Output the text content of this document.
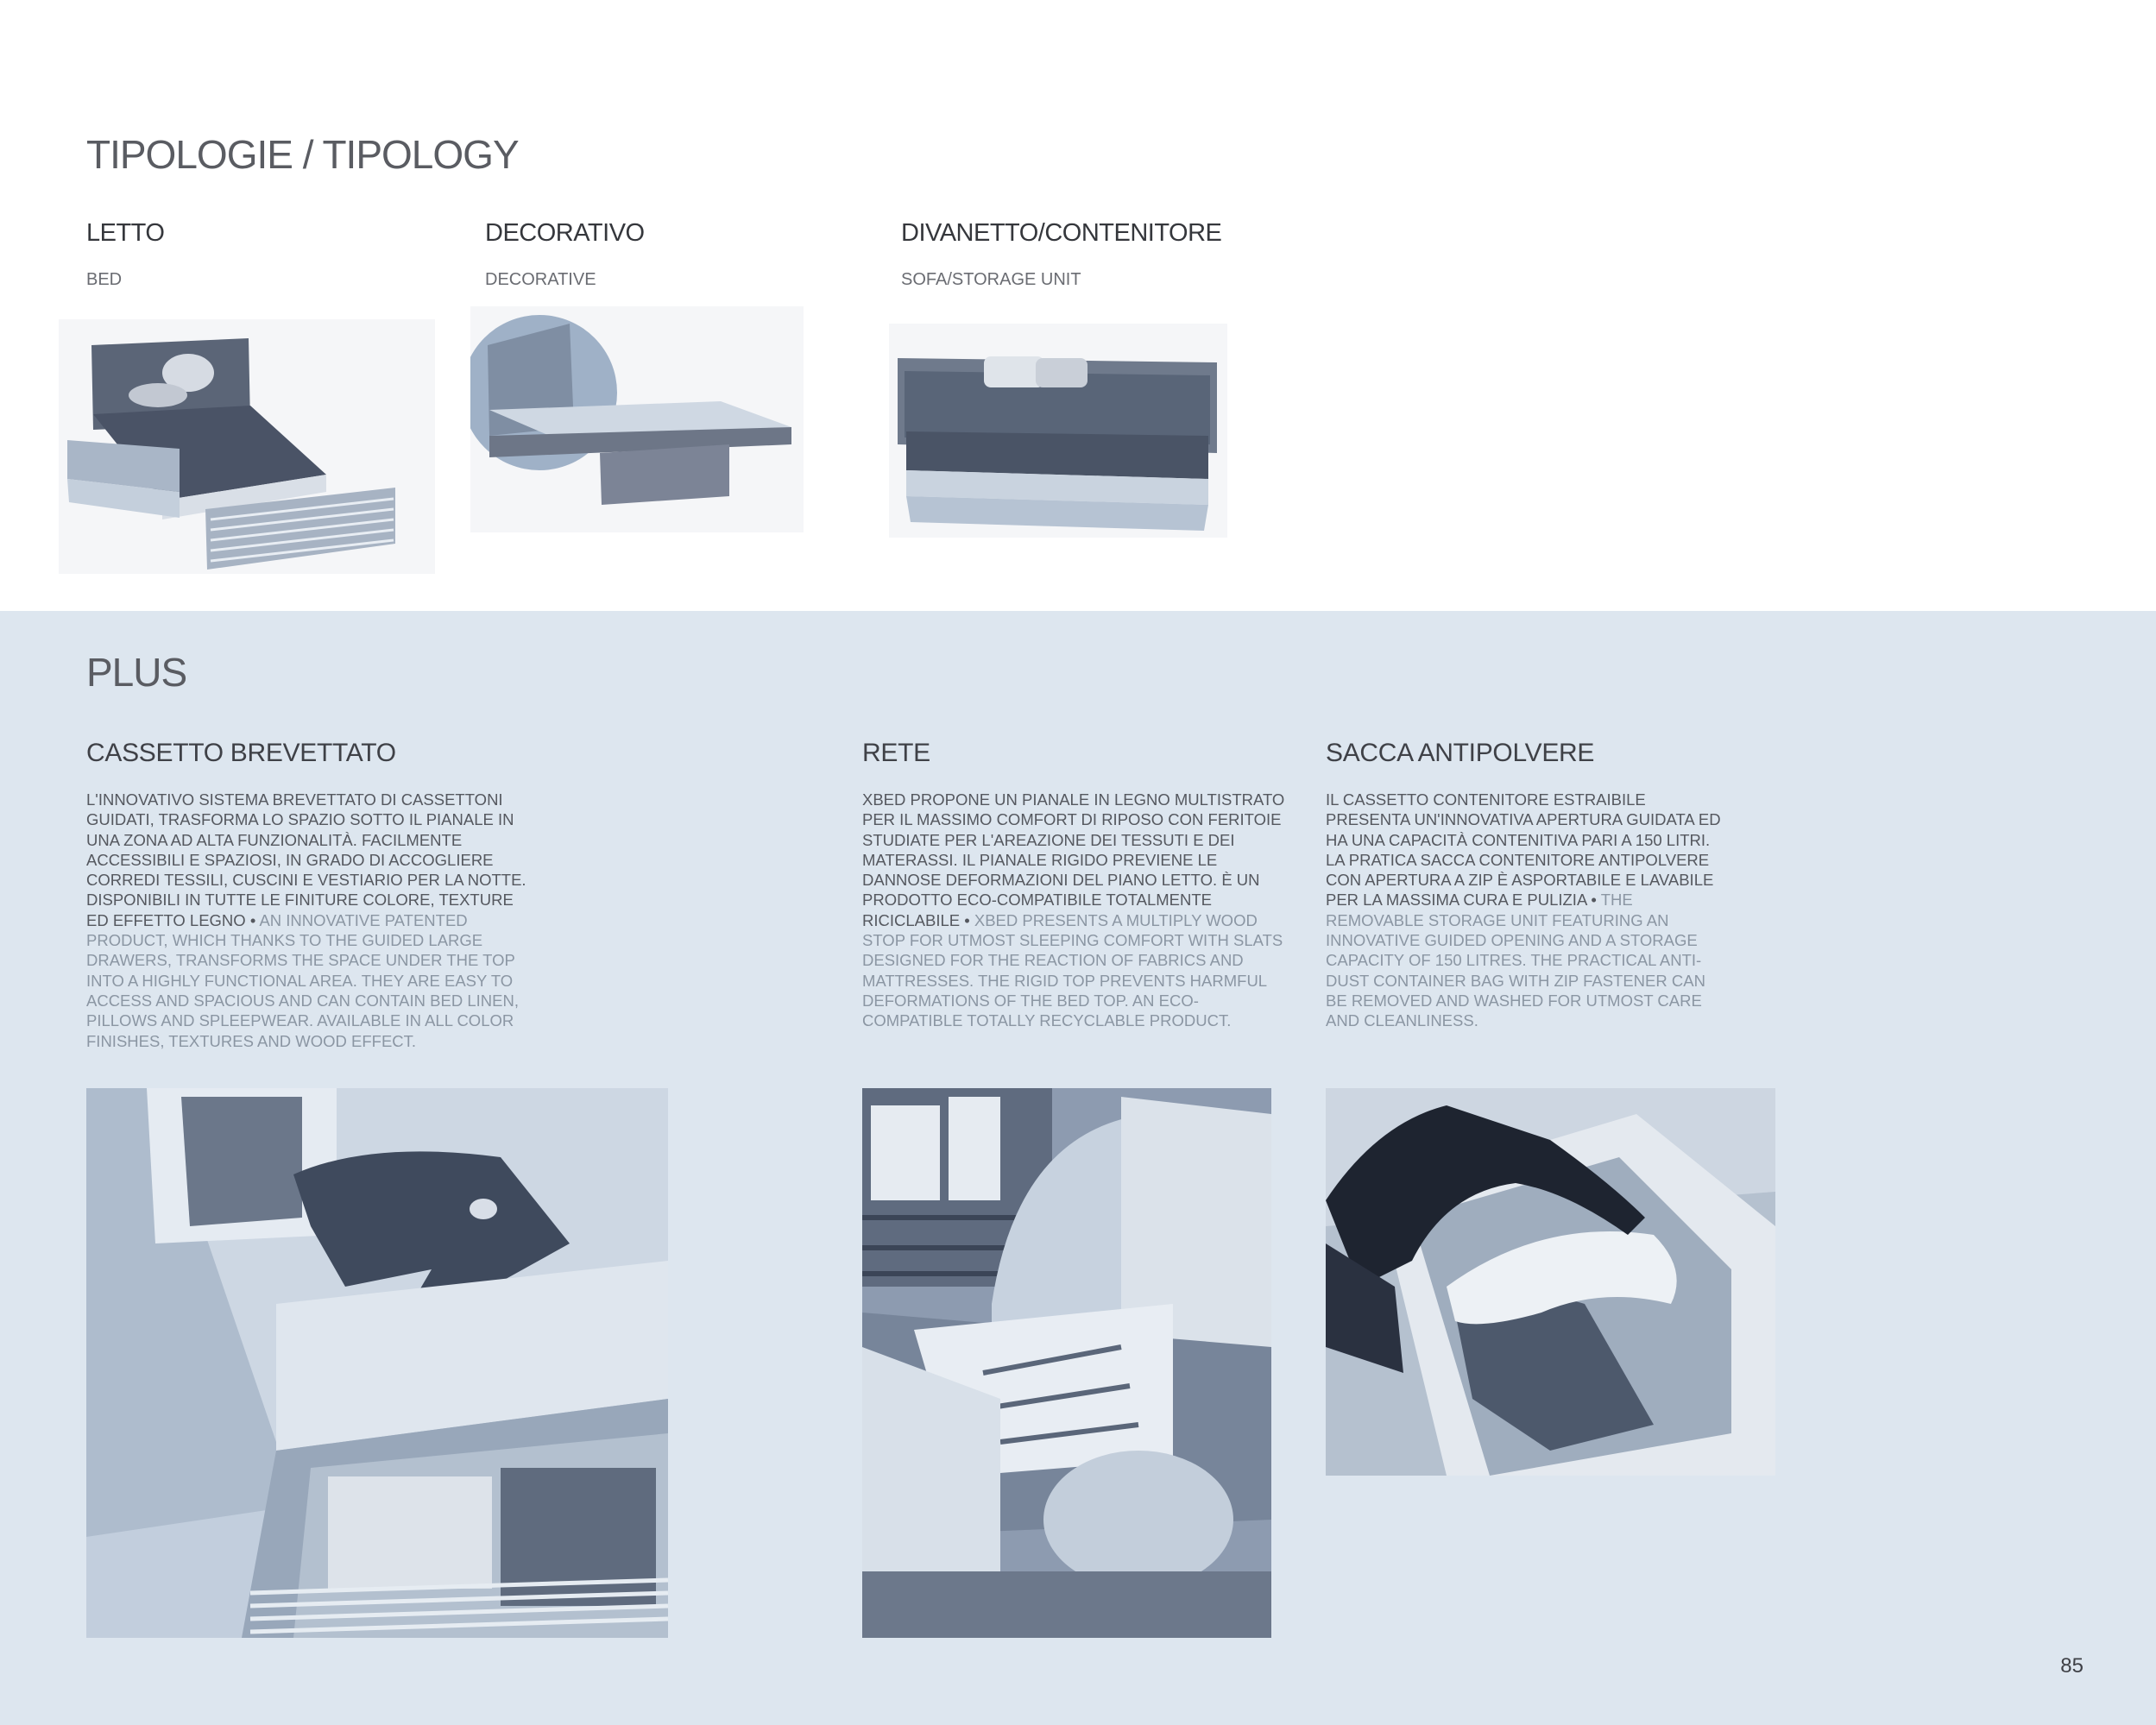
TIPOLOGIE / TIPOLOGY
LETTO
BED
DECORATIVO
DECORATIVE
DIVANETTO/CONTENITORE
SOFA/STORAGE UNIT
PLUS
CASSETTO BREVETTATO
L'INNOVATIVO SISTEMA BREVETTATO DI CASSETTONI GUIDATI, TRASFORMA LO SPAZIO SOTTO IL PIANALE IN UNA ZONA AD ALTA FUNZIONALITÀ. FACILMENTE ACCESSIBILI E SPAZIOSI, IN GRADO DI ACCOGLIERE CORREDI TESSILI, CUSCINI E VESTIARIO PER LA NOTTE. DISPONIBILI IN TUTTE LE FINITURE COLORE, TEXTURE ED EFFETTO LEGNO • AN INNOVATIVE PATENTED PRODUCT, WHICH THANKS TO THE GUIDED LARGE DRAWERS, TRANSFORMS THE SPACE UNDER THE TOP INTO A HIGHLY FUNCTIONAL AREA. THEY ARE EASY TO ACCESS AND SPACIOUS AND CAN CONTAIN BED LINEN, PILLOWS AND SPLEEPWEAR. AVAILABLE IN ALL COLOR FINISHES, TEXTURES AND WOOD EFFECT.
RETE
XBED PROPONE UN PIANALE IN LEGNO MULTISTRATO PER IL MASSIMO COMFORT DI RIPOSO CON FERITOIE STUDIATE PER L'AREAZIONE DEI TESSUTI E DEI MATERASSI. IL PIANALE RIGIDO PREVIENE LE DANNOSE DEFORMAZIONI DEL PIANO LETTO. È UN PRODOTTO ECO-COMPATIBILE TOTALMENTE RICICLABILE • XBED PRESENTS A MULTIPLY WOOD STOP FOR UTMOST SLEEPING COMFORT WITH SLATS DESIGNED FOR THE REACTION OF FABRICS AND MATTRESSES. THE RIGID TOP PREVENTS HARMFUL DEFORMATIONS OF THE BED TOP. AN ECO-COMPATIBLE TOTALLY RECYCLABLE PRODUCT.
SACCA ANTIPOLVERE
IL CASSETTO CONTENITORE ESTRAIBILE PRESENTA UN'INNOVATIVA APERTURA GUIDATA ED HA UNA CAPACITÀ CONTENITIVA PARI A 150 LITRI. LA PRATICA SACCA CONTENITORE ANTIPOLVERE CON APERTURA A ZIP È ASPORTABILE E LAVABILE PER LA MASSIMA CURA E PULIZIA • THE REMOVABLE STORAGE UNIT FEATURING AN INNOVATIVE GUIDED OPENING AND A STORAGE CAPACITY OF 150 LITRES. THE PRACTICAL ANTI-DUST CONTAINER BAG WITH ZIP FASTENER CAN BE REMOVED AND WASHED FOR UTMOST CARE AND CLEANLINESS.
85
